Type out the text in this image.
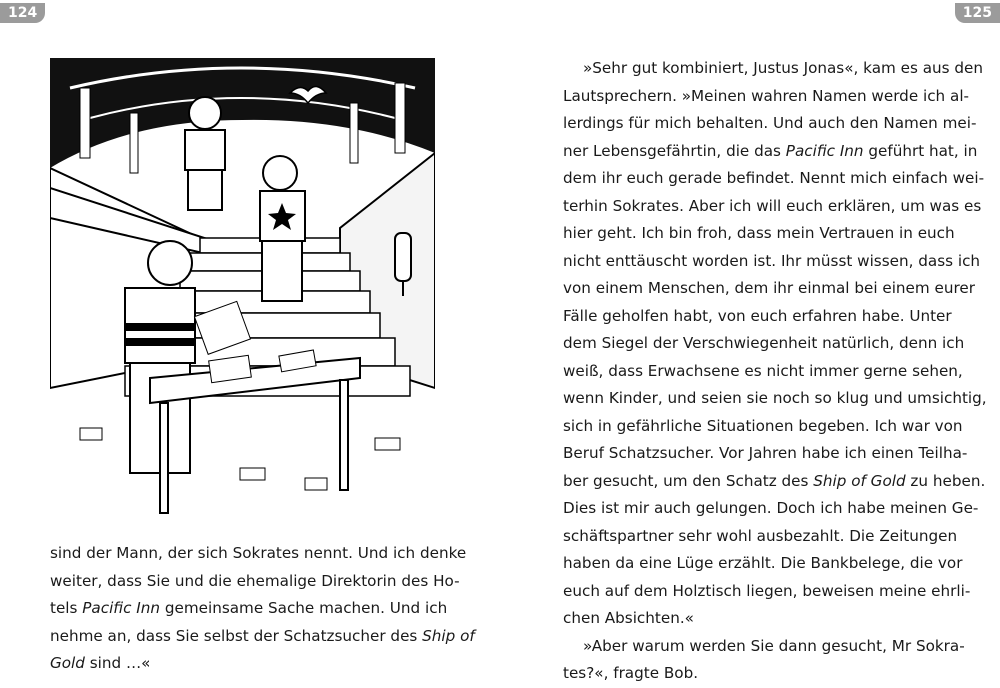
124

sind der Mann, der sich Sokrates nennt. Und ich denke
weiter, dass Sie und die ehemalige Direktorin des Ho-
tels Pacific Inn gemeinsame Sache machen. Und ich
nehme an, dass Sie selbst der Schatzsucher des Ship of
Gold sind …«

125

»Sehr gut kombiniert, Justus Jonas«, kam es aus den
Lautsprechern. »Meinen wahren Namen werde ich al-
lerdings für mich behalten. Und auch den Namen mei-
ner Lebensgefährtin, die das Pacific Inn geführt hat, in
dem ihr euch gerade befindet. Nennt mich einfach wei-
terhin Sokrates. Aber ich will euch erklären, um was es
hier geht. Ich bin froh, dass mein Vertrauen in euch
nicht enttäuscht worden ist. Ihr müsst wissen, dass ich
von einem Menschen, dem ihr einmal bei einem eurer
Fälle geholfen habt, von euch erfahren habe. Unter
dem Siegel der Verschwiegenheit natürlich, denn ich
weiß, dass Erwachsene es nicht immer gerne sehen,
wenn Kinder, und seien sie noch so klug und umsichtig,
sich in gefährliche Situationen begeben. Ich war von
Beruf Schatzsucher. Vor Jahren habe ich einen Teilha-
ber gesucht, um den Schatz des Ship of Gold zu heben.
Dies ist mir auch gelungen. Doch ich habe meinen Ge-
schäftspartner sehr wohl ausbezahlt. Die Zeitungen
haben da eine Lüge erzählt. Die Bankbelege, die vor
euch auf dem Holztisch liegen, beweisen meine ehrli-
chen Absichten.«

»Aber warum werden Sie dann gesucht, Mr Sokra-
tes?«, fragte Bob.
